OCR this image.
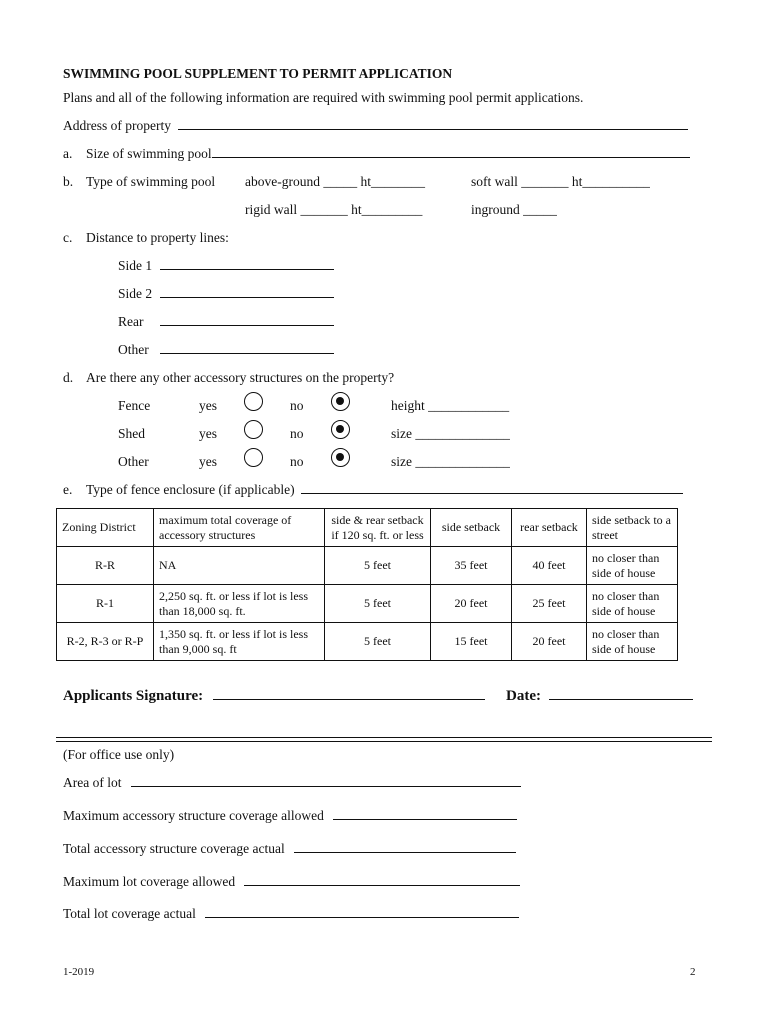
SWIMMING POOL SUPPLEMENT TO PERMIT APPLICATION
Plans and all of the following information are required with swimming pool permit applications.
Address of property
a. Size of swimming pool
b. Type of swimming pool above-ground _____ ht________	soft wall _______ ht__________
rigid wall _______ ht_________	inground _____
c. Distance to property lines:
Side 1
Side 2
Rear
Other
d. Are there any other accessory structures on the property?
Fence	yes	no	height ____________
Shed	yes	no	size ______________
Other	yes	no	size ______________
e. Type of fence enclosure (if applicable)
Zoning District	maximum total coverage of accessory structures	side & rear setback if 120 sq. ft. or less	side setback	rear setback	side setback to a street
R-R	NA	5 feet	35 feet	40 feet	no closer than side of house
R-1	2,250 sq. ft. or less if lot is less than 18,000 sq. ft.	5 feet	20 feet	25 feet	no closer than side of house
R-2, R-3 or R-P	1,350 sq. ft. or less if lot is less than 9,000 sq. ft	5 feet	15 feet	20 feet	no closer than side of house
Applicants Signature:	Date:
(For office use only)
Area of lot
Maximum accessory structure coverage allowed
Total accessory structure coverage actual
Maximum lot coverage allowed
Total lot coverage actual
1-2019	2
